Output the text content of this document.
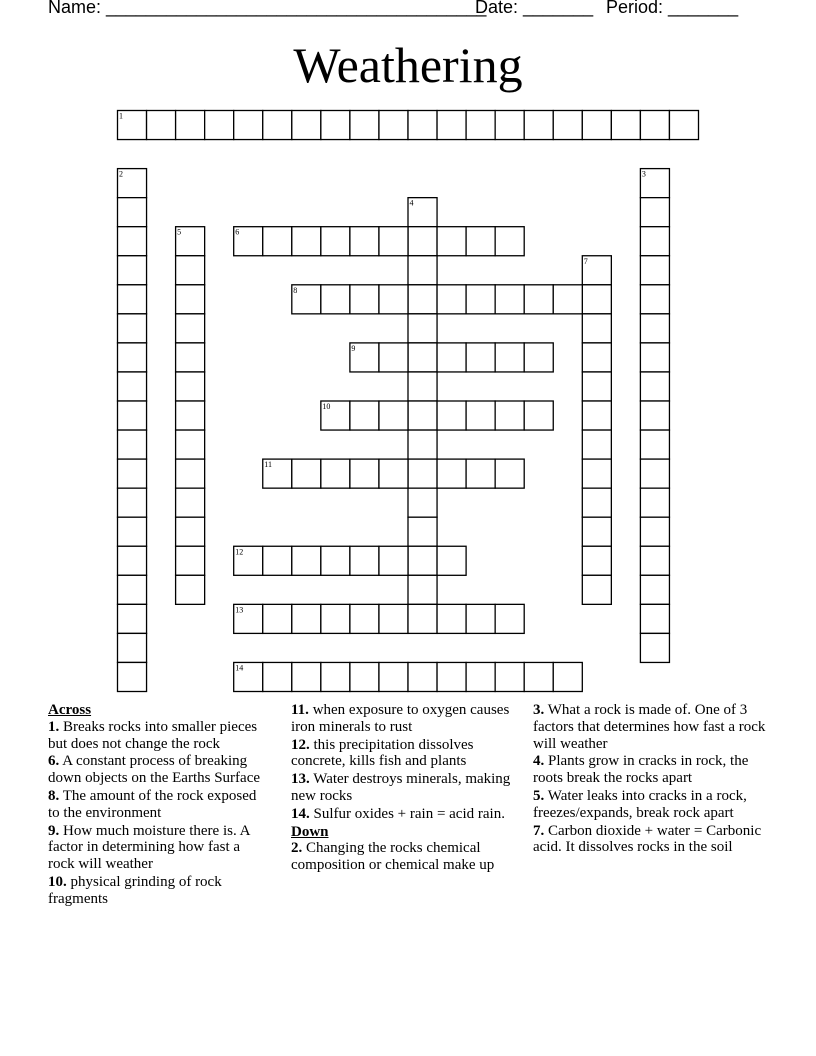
Name: ______________________________________
Date: _______ Period: _______
Weathering
1
2	3
4
5	6
7
8
9
10
11
12
13
14
Across
1. Breaks rocks into smaller pieces but does not change the rock
6. A constant process of breaking down objects on the Earths Surface
8. The amount of the rock exposed to the environment
9. How much moisture there is. A factor in determining how fast a rock will weather
10. physical grinding of rock fragments
11. when exposure to oxygen causes iron minerals to rust
12. this precipitation dissolves concrete, kills fish and plants
13. Water destroys minerals, making new rocks
14. Sulfur oxides + rain = acid rain.
Down
2. Changing the rocks chemical composition or chemical make up
3. What a rock is made of. One of 3 factors that determines how fast a rock will weather
4. Plants grow in cracks in rock, the roots break the rocks apart
5. Water leaks into cracks in a rock, freezes/expands, break rock apart
7. Carbon dioxide + water = Carbonic acid. It dissolves rocks in the soil
